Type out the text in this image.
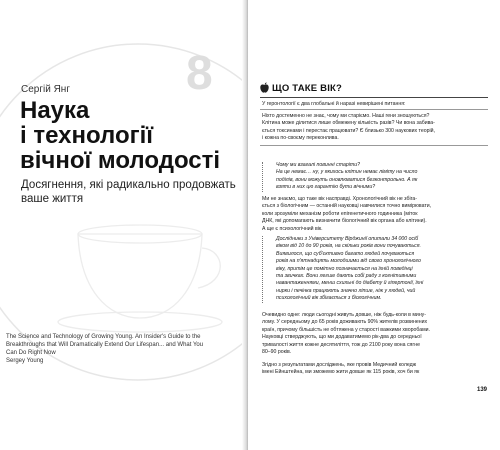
8
Сергій Янг
Наука
і технології
вічної молодості
Досягнення, які радикально продовжать
ваше життя
The Science and Technology of Growing Young. An Insider's Guide to the
Breakthroughs that Will Dramatically Extend Our Lifespan... and What You
Can Do Right Now
Sergey Young
ЩО ТАКЕ ВІК?
У геронтології є два глобальні й наразі невирішені питання:
Ніхто достеменно не знає, чому ми старіємо. Наші гени зношуються?
Клітина може ділитися лише обмежену кількість разів? Чи вона забива-
ється токсинами і перестає працювати? Є близько 300 наукових теорій,
і кожна по-своєму переконлива.
Чому ми взагалі повинні старіти?
На це немає… ну, у якихось клітин немає ліміту на число
поділів, вони можуть оновлюватися безконтрольно. А як
взяти в них цю гарантію бути вічними?
Ми не знаємо, що таке вік насправді. Хронологічний вік не збіга-
ється з біологічним — останній науковці навчилися точно вимірювати,
коли зрозуміли механізм роботи епігенетичного годинника (міток
ДНК, які допомагають визначити біологічний вік органа або клітини).
А ще є психологічний вік.
Дослідники з Університету Вірджинії опитали 34 000 осіб
віком від 10 до 90 років, на скільки років вони почуваються.
Виявилося, що суб'єктивно багато людей почуваються
років на п'ятнадцять молодшими від свого хронологічного
віку, притім це помітно позначається на їхній поведінці
та звичках. Вони легше дають собі раду з когнітивними
навантаженнями, менш схильні до діабету й гіпертонії, їхні
нирки і печінка працюють значно ліпше, ніж у людей, чий
психологічний вік збігається з біологічним.
Очевидно одне: люди сьогодні живуть довше, ніж будь-коли в мину-
лому. У середньому до 65 років доживають 90% жителів розвинених
країн, причому більшість не обтяжена у старості важкими хворобами.
Науковці стверджують, що ми додаватимемо рік-два до середньої
тривалості життя кожне десятиліття, тож до 2100 року вона сягне
80–90 років.
Згідно з результатами досліджень, яке провів Медичний коледж
імені Ейнштейна, ми зможемо жити довше як 115 років, хоч би як
139
